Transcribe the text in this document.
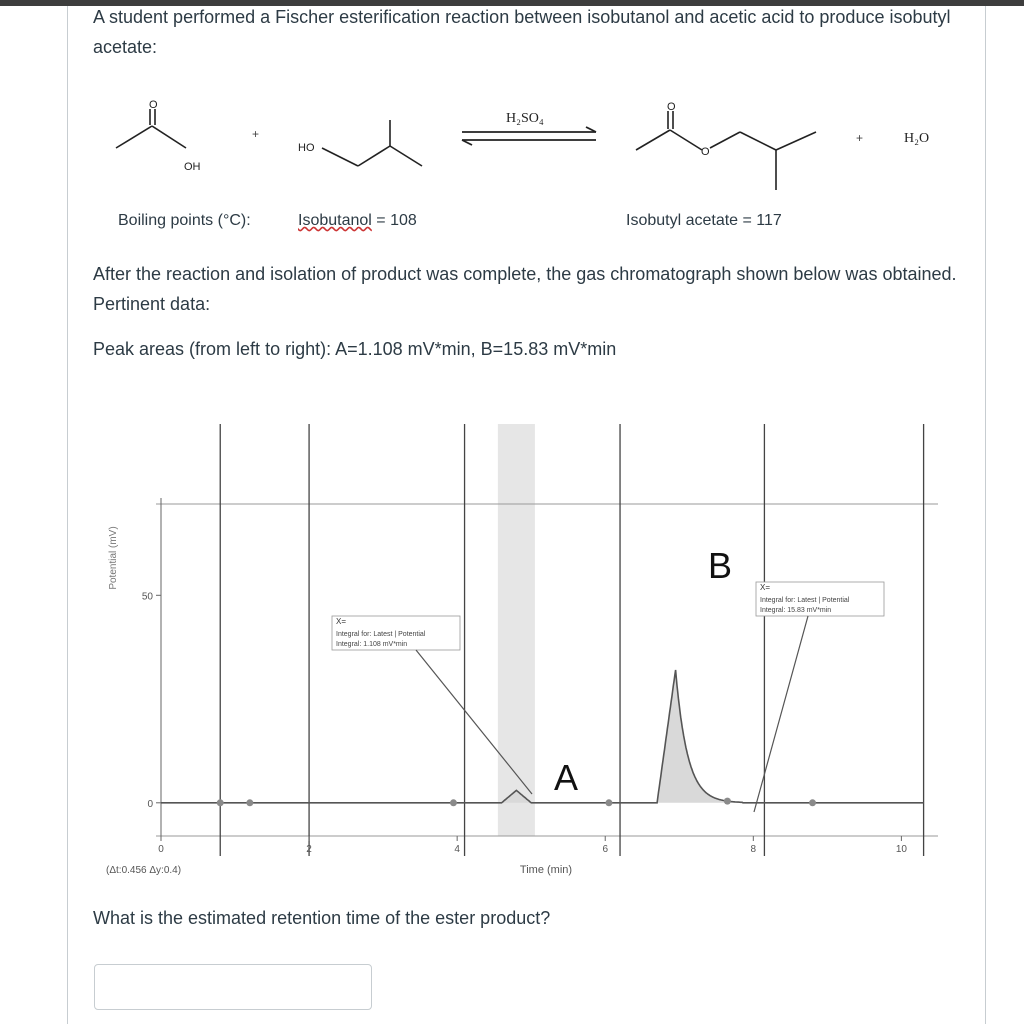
A student performed a Fischer esterification reaction between isobutanol and acetic acid to produce isobutyl acetate:

O
OH
+
HO
H₂SO₄
O
O
+	H₂O
Boiling points (°C):	Isobutanol = 108	Isobutyl acetate = 117

After the reaction and isolation of product was complete, the gas chromatograph shown below was obtained. Pertinent data:

Peak areas (from left to right): A=1.108 mV*min, B=15.83 mV*min

0	2	4	6	8	10
0
50
Potential (mV)
Time (min)
(Δt:0.456 Δy:0.4)
X=
Integral for: Latest | Potential
Integral: 1.108 mV*min
A
X=
Integral for: Latest | Potential
Integral: 15.83 mV*min
B

What is the estimated retention time of the ester product?
